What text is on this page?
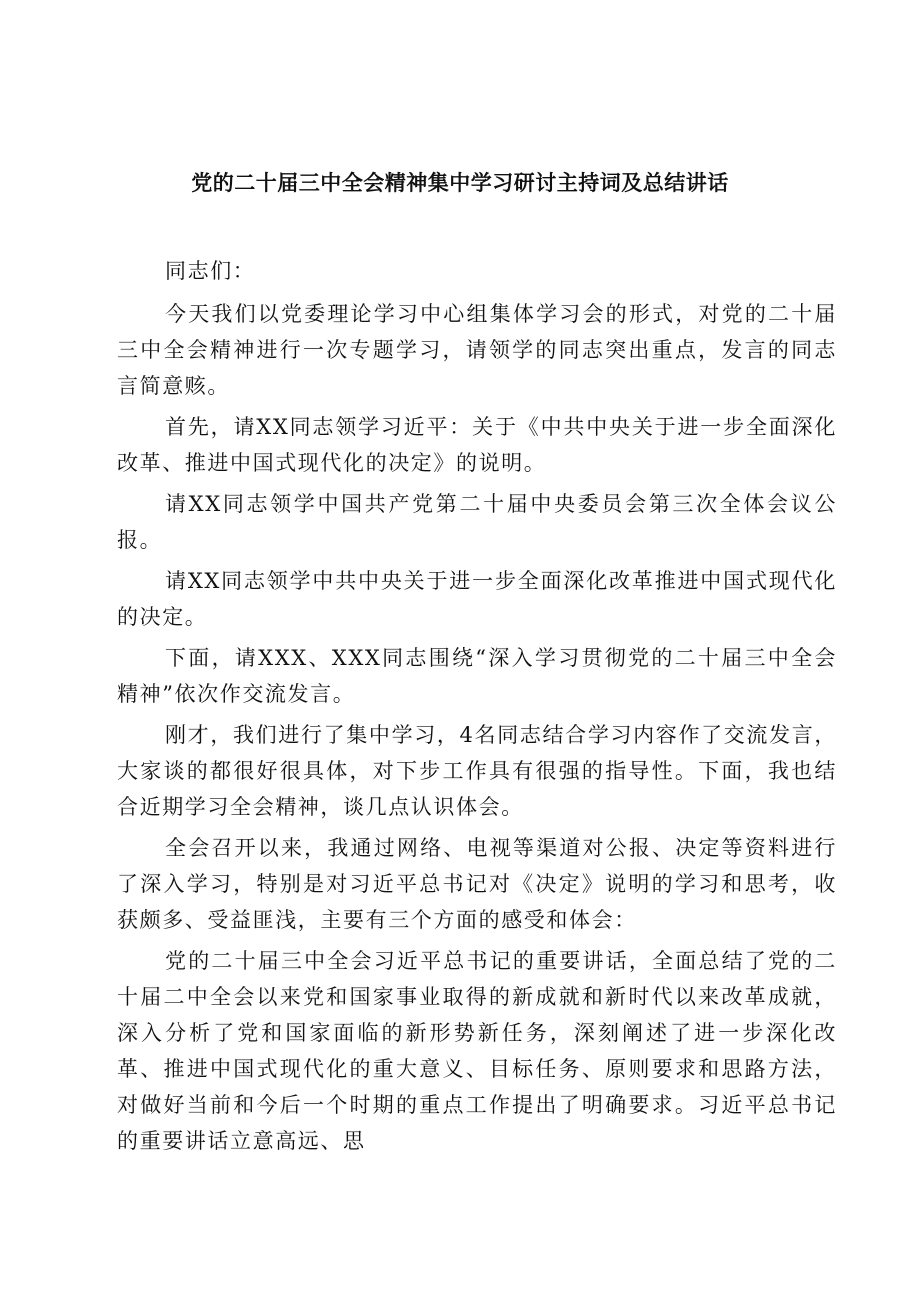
党的二十届三中全会精神集中学习研讨主持词及总结讲话

同志们：

今天我们以党委理论学习中心组集体学习会的形式，对党的二十届三中全会精神进行一次专题学习，请领学的同志突出重点，发言的同志言简意赅。

首先，请XX同志领学习近平：关于《中共中央关于进一步全面深化改革、推进中国式现代化的决定》的说明。

请XX同志领学中国共产党第二十届中央委员会第三次全体会议公报。

请XX同志领学中共中央关于进一步全面深化改革推进中国式现代化的决定。

下面，请XXX、XXX同志围绕“深入学习贯彻党的二十届三中全会精神”依次作交流发言。

刚才，我们进行了集中学习，4名同志结合学习内容作了交流发言，大家谈的都很好很具体，对下步工作具有很强的指导性。下面，我也结合近期学习全会精神，谈几点认识体会。

全会召开以来，我通过网络、电视等渠道对公报、决定等资料进行了深入学习，特别是对习近平总书记对《决定》说明的学习和思考，收获颇多、受益匪浅，主要有三个方面的感受和体会：

党的二十届三中全会习近平总书记的重要讲话，全面总结了党的二十届二中全会以来党和国家事业取得的新成就和新时代以来改革成就，深入分析了党和国家面临的新形势新任务，深刻阐述了进一步深化改革、推进中国式现代化的重大意义、目标任务、原则要求和思路方法，对做好当前和今后一个时期的重点工作提出了明确要求。习近平总书记的重要讲话立意高远、思
